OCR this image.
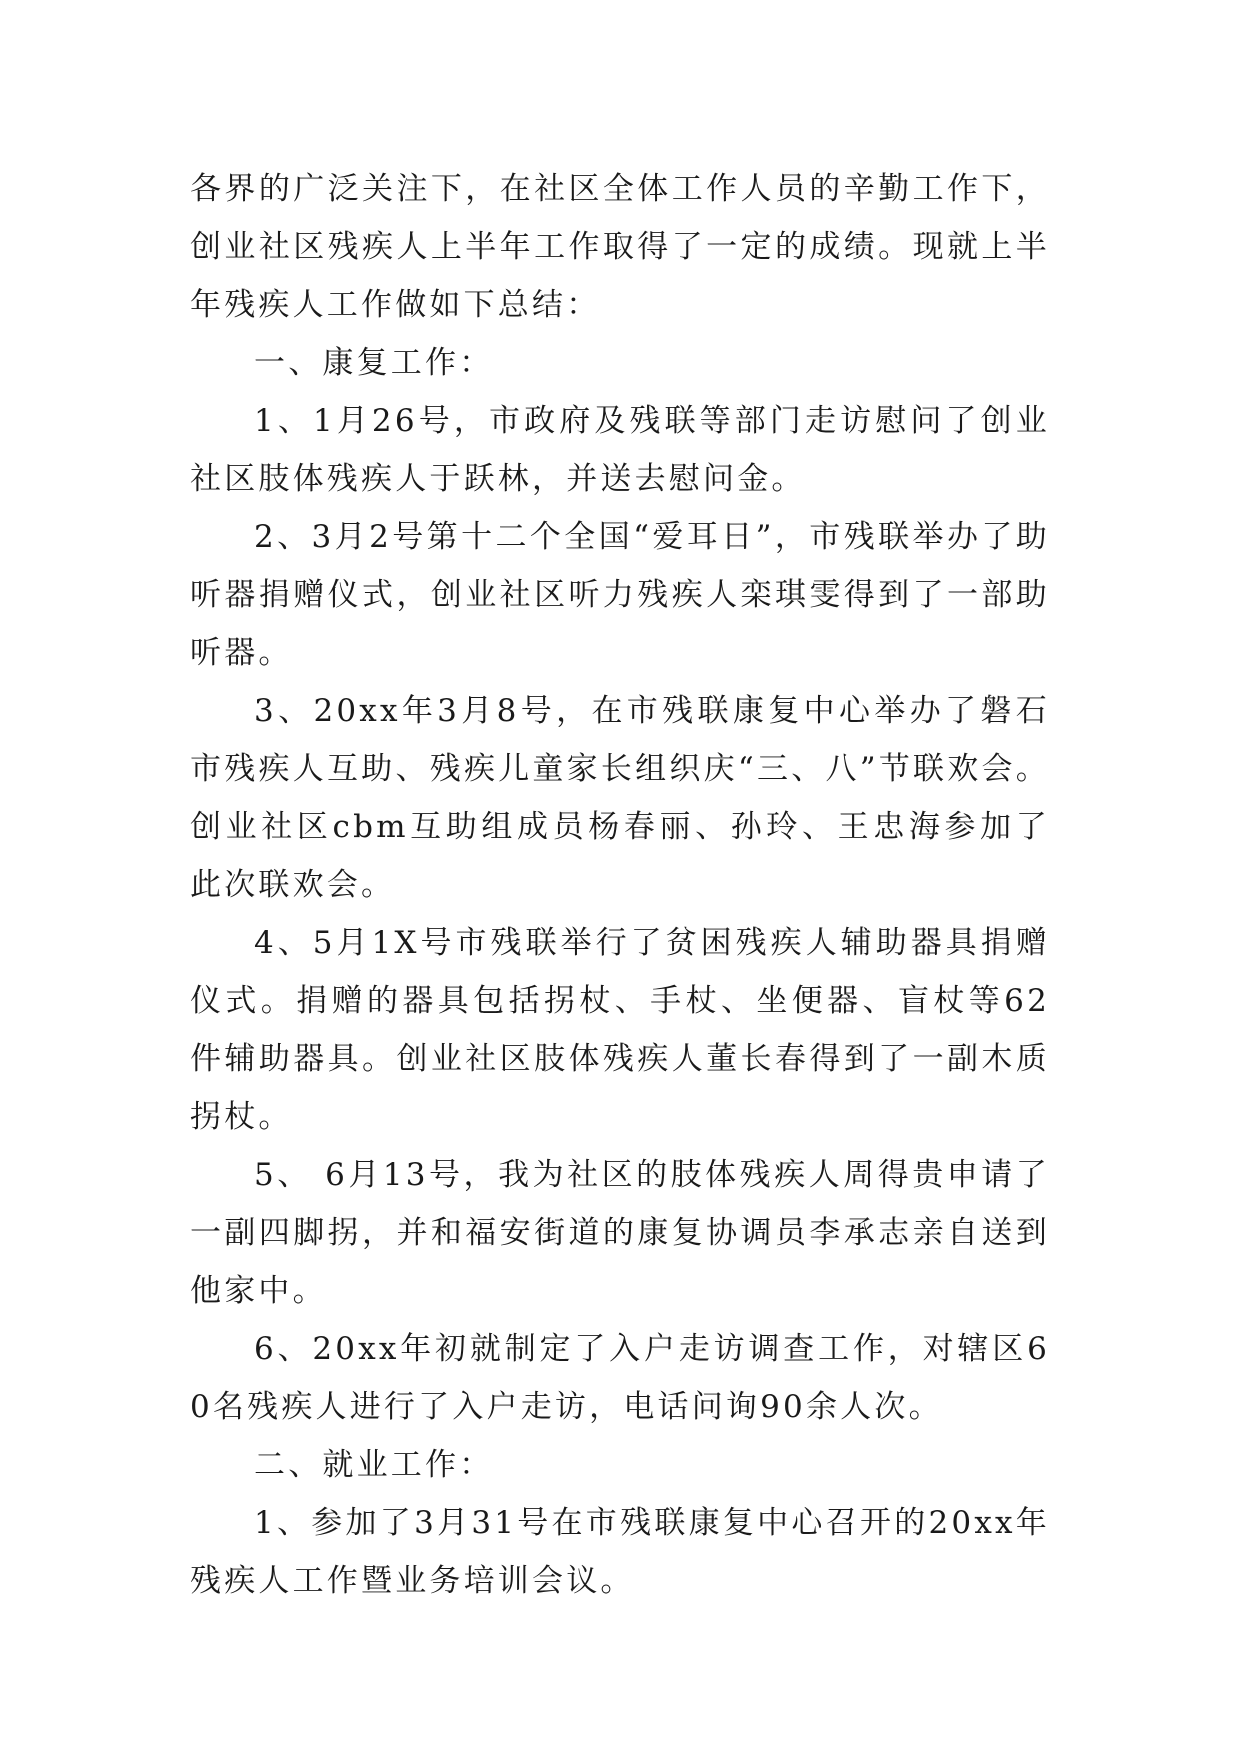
各界的广泛关注下，在社区全体工作人员的辛勤工作下，创业社区残疾人上半年工作取得了一定的成绩。现就上半年残疾人工作做如下总结：

一、康复工作：

1、1月26号，市政府及残联等部门走访慰问了创业社区肢体残疾人于跃林，并送去慰问金。

2、3月2号第十二个全国“爱耳日”，市残联举办了助听器捐赠仪式，创业社区听力残疾人栾琪雯得到了一部助听器。

3、20xx年3月8号，在市残联康复中心举办了磐石市残疾人互助、残疾儿童家长组织庆“三、八”节联欢会。创业社区cbm互助组成员杨春丽、孙玲、王忠海参加了此次联欢会。

4、5月1X号市残联举行了贫困残疾人辅助器具捐赠仪式。捐赠的器具包括拐杖、手杖、坐便器、盲杖等62件辅助器具。创业社区肢体残疾人董长春得到了一副木质拐杖。

5、 6月13号，我为社区的肢体残疾人周得贵申请了一副四脚拐，并和福安街道的康复协调员李承志亲自送到他家中。

6、20xx年初就制定了入户走访调查工作，对辖区60名残疾人进行了入户走访，电话问询90余人次。

二、就业工作：

1、参加了3月31号在市残联康复中心召开的20xx年残疾人工作暨业务培训会议。
